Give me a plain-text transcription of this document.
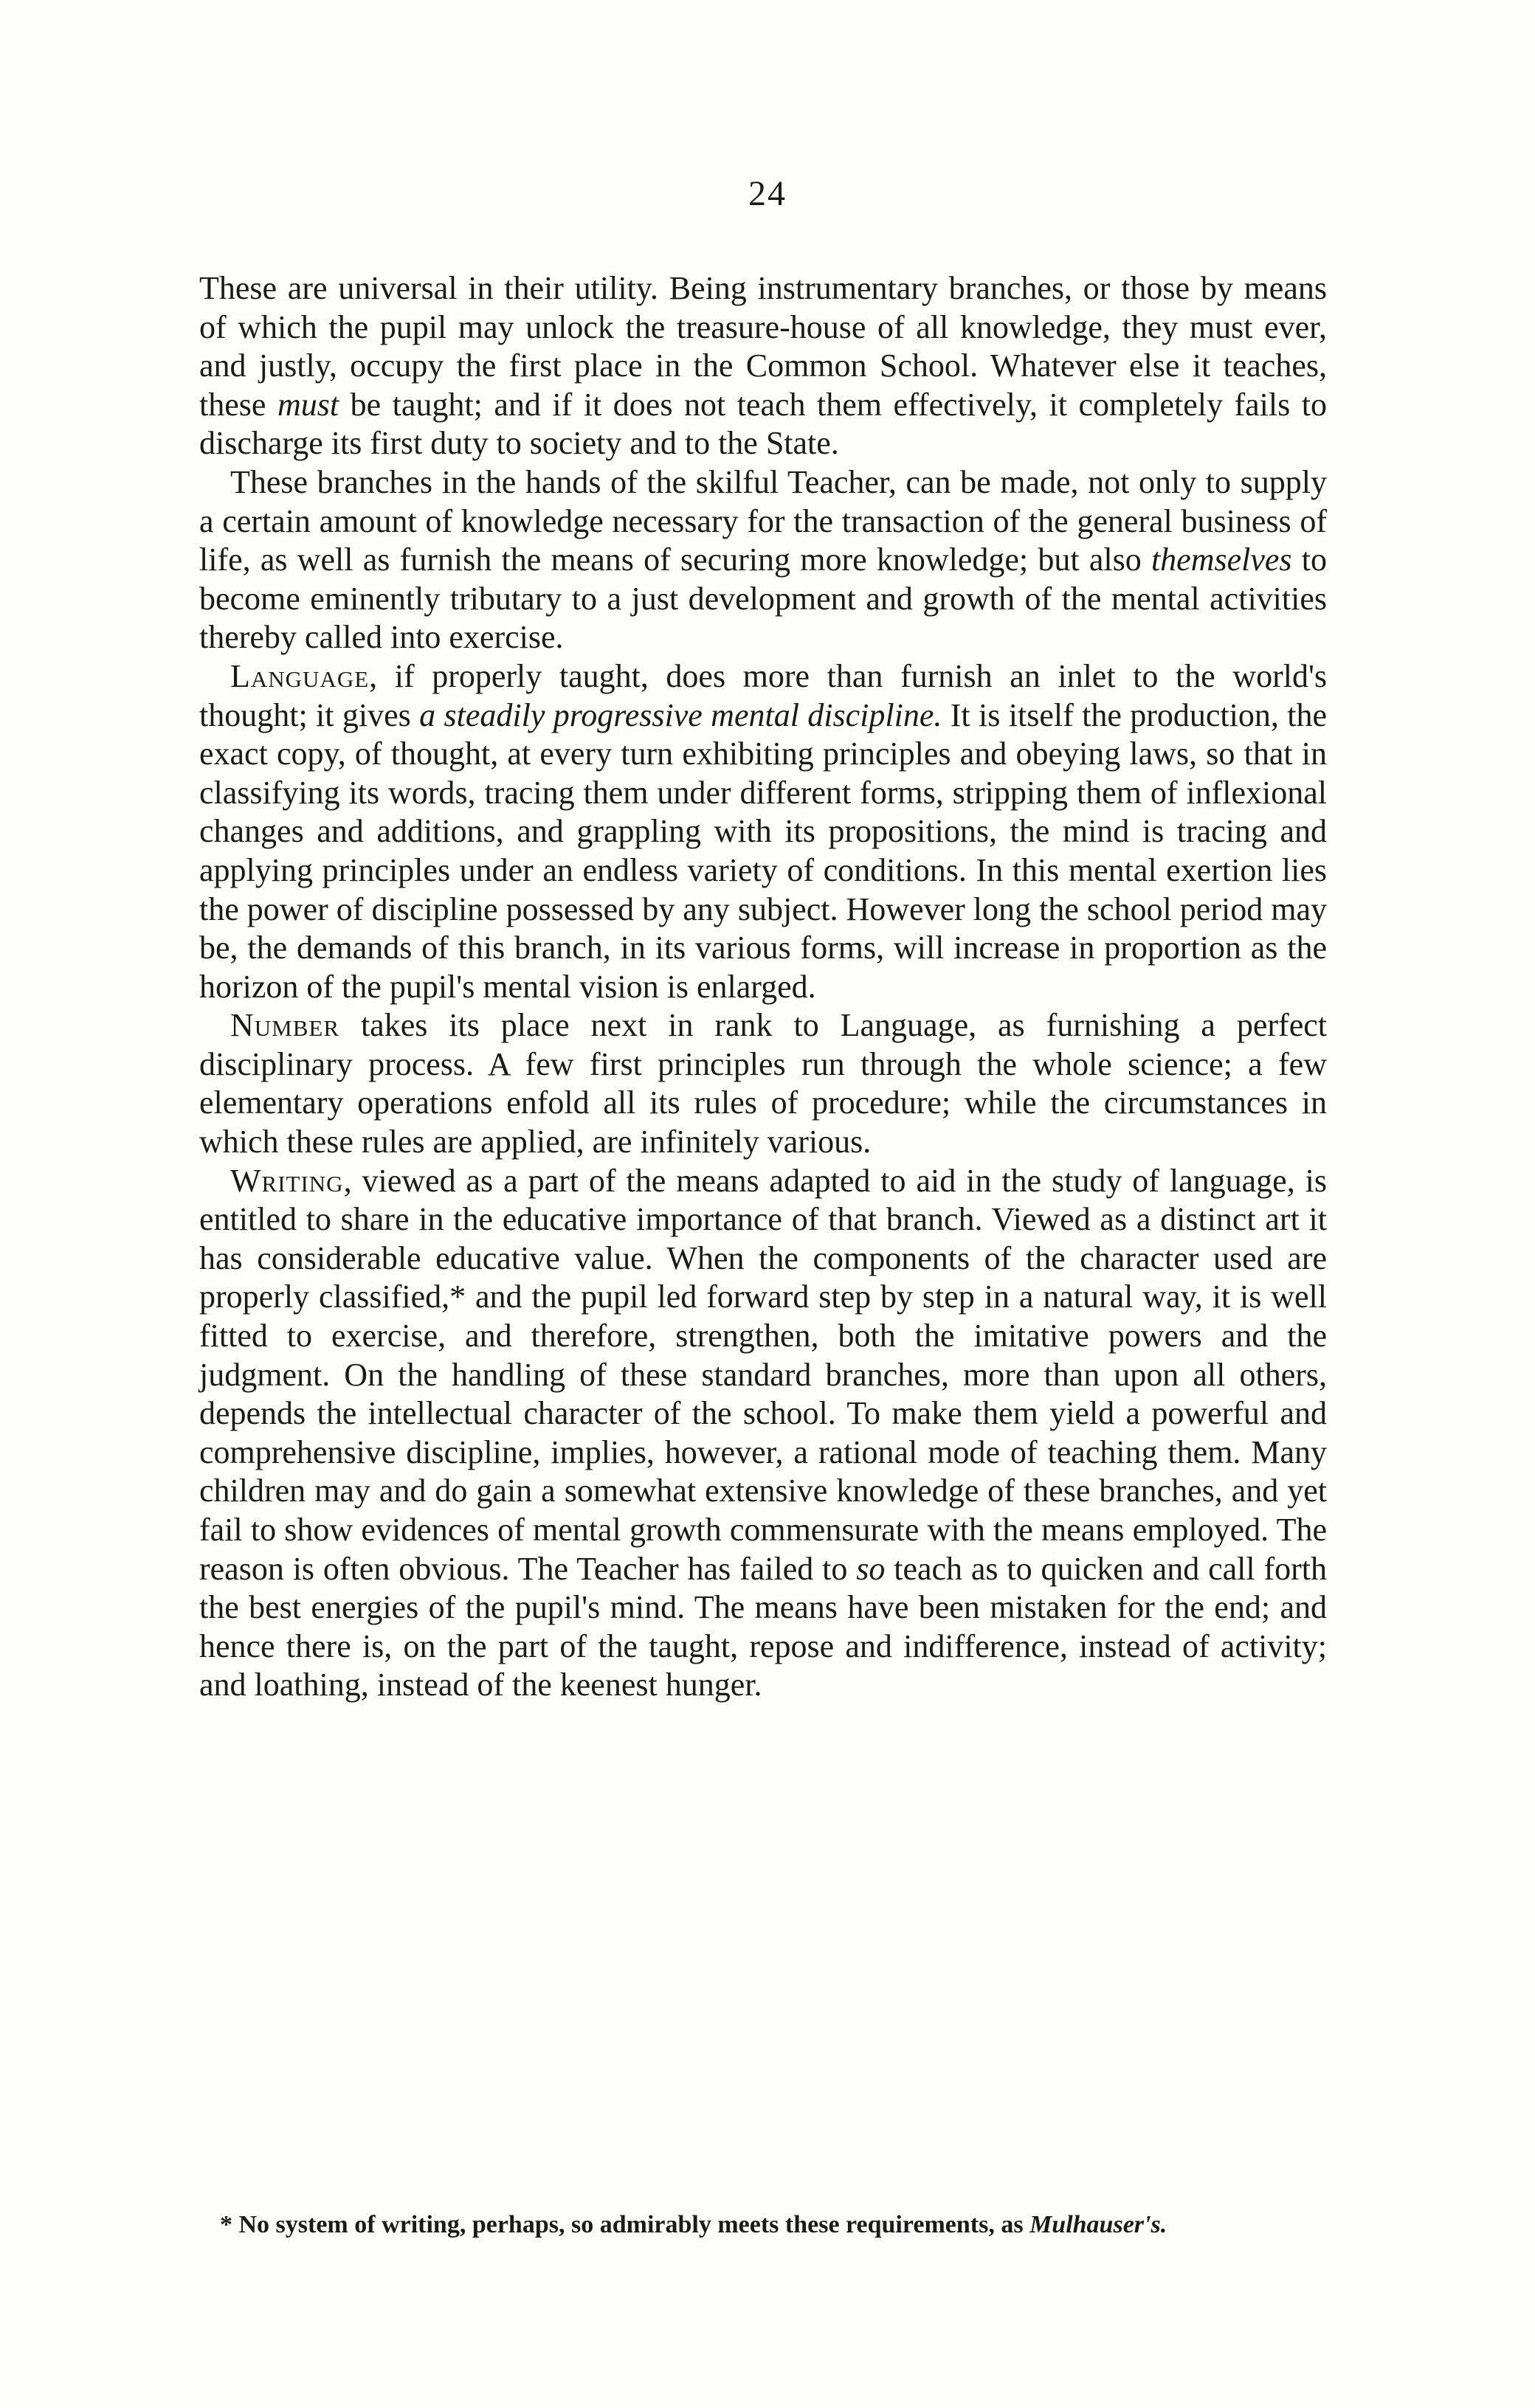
24

These are universal in their utility. Being instrumentary branches, or those by means of which the pupil may unlock the treasure-house of all knowledge, they must ever, and justly, occupy the first place in the Common School. Whatever else it teaches, these must be taught; and if it does not teach them effectively, it completely fails to discharge its first duty to society and to the State.

These branches in the hands of the skilful Teacher, can be made, not only to supply a certain amount of knowledge necessary for the transaction of the general business of life, as well as furnish the means of securing more knowledge; but also themselves to become eminently tributary to a just development and growth of the mental activities thereby called into exercise.

Language, if properly taught, does more than furnish an inlet to the world's thought; it gives a steadily progressive mental discipline. It is itself the production, the exact copy, of thought, at every turn exhibiting principles and obeying laws, so that in classifying its words, tracing them under different forms, stripping them of inflexional changes and additions, and grappling with its propositions, the mind is tracing and applying principles under an endless variety of conditions. In this mental exertion lies the power of discipline possessed by any subject. However long the school period may be, the demands of this branch, in its various forms, will increase in proportion as the horizon of the pupil's mental vision is enlarged.

Number takes its place next in rank to Language, as furnishing a perfect disciplinary process. A few first principles run through the whole science; a few elementary operations enfold all its rules of procedure; while the circumstances in which these rules are applied, are infinitely various.

Writing, viewed as a part of the means adapted to aid in the study of language, is entitled to share in the educative importance of that branch. Viewed as a distinct art it has considerable educative value. When the components of the character used are properly classified,* and the pupil led forward step by step in a natural way, it is well fitted to exercise, and therefore, strengthen, both the imitative powers and the judgment. On the handling of these standard branches, more than upon all others, depends the intellectual character of the school. To make them yield a powerful and comprehensive discipline, implies, however, a rational mode of teaching them. Many children may and do gain a somewhat extensive knowledge of these branches, and yet fail to show evidences of mental growth commensurate with the means employed. The reason is often obvious. The Teacher has failed to so teach as to quicken and call forth the best energies of the pupil's mind. The means have been mistaken for the end; and hence there is, on the part of the taught, repose and indifference, instead of activity; and loathing, instead of the keenest hunger.

* No system of writing, perhaps, so admirably meets these requirements, as Mulhauser's.
